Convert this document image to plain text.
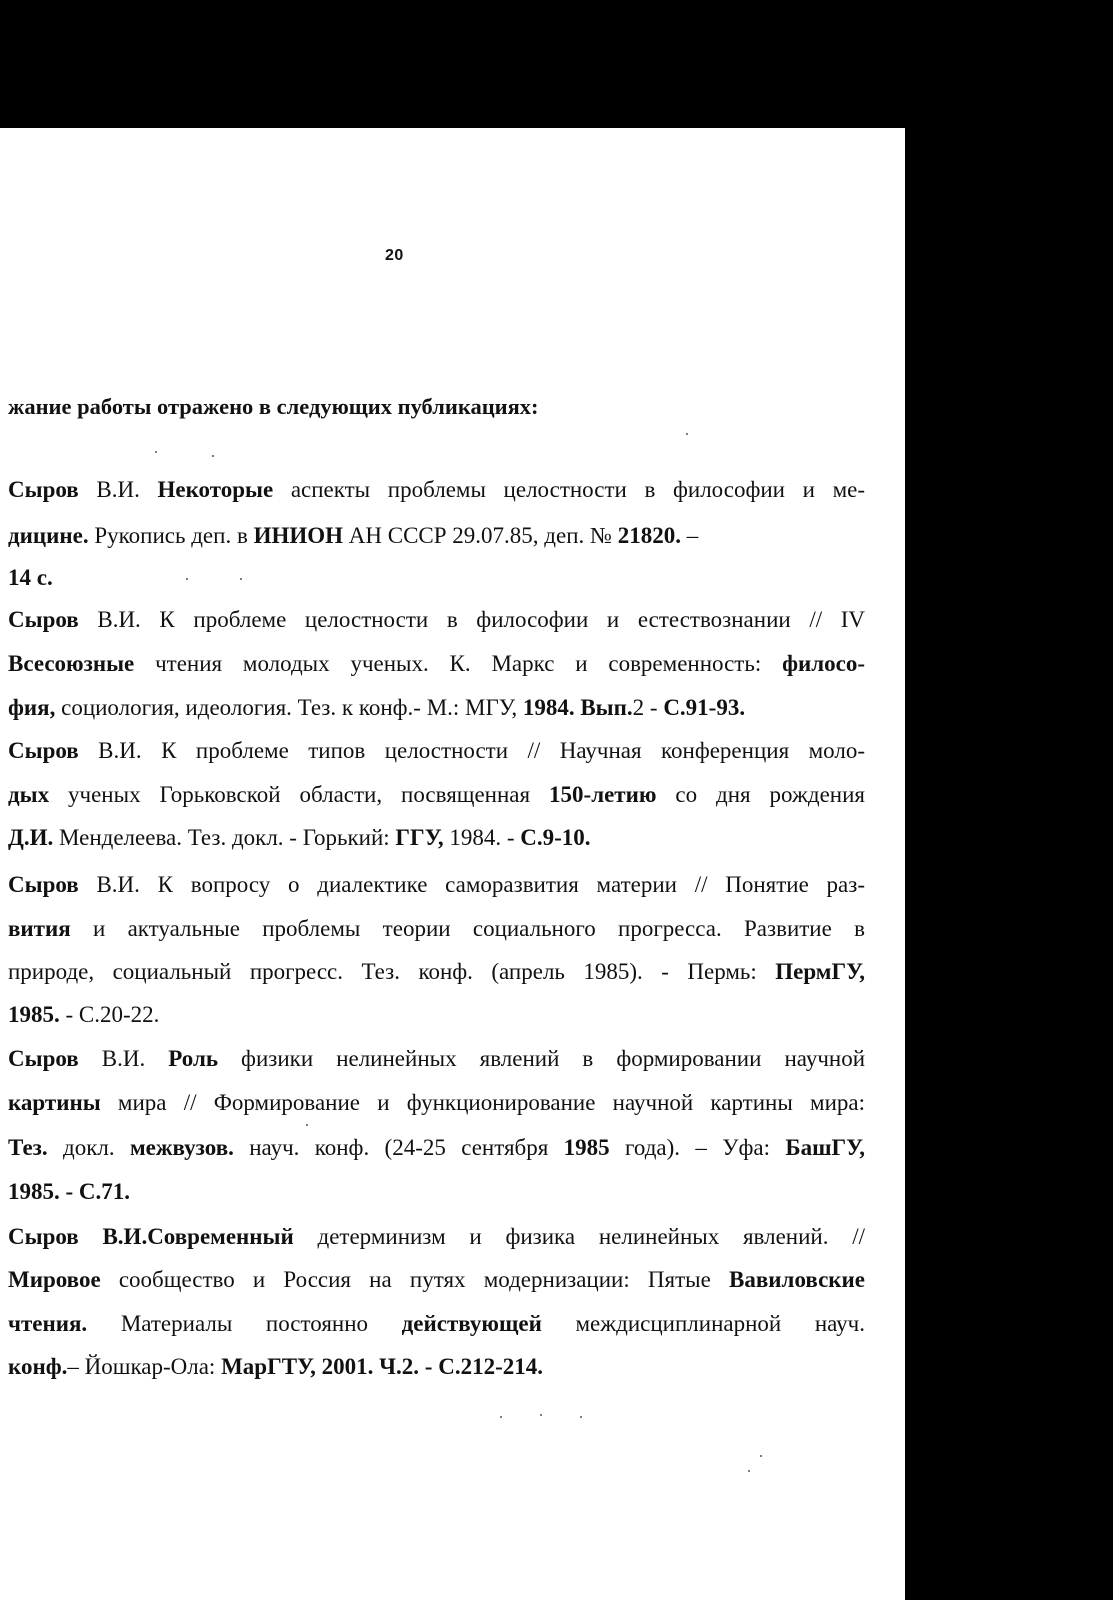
20
жание работы отражено в следующих публикациях:
Сыров В.И. Некоторые аспекты проблемы целостности в философии и ме-
дицине. Рукопись деп. в ИНИОН АН СССР 29.07.85, деп. № 21820. –
14 с.
Сыров В.И. К проблеме целостности в философии и естествознании // IV
Всесоюзные чтения молодых ученых. К. Маркс и современность: филосо-
фия, социология, идеология. Тез. к конф.- М.: МГУ, 1984. Вып.2 - С.91-93.
Сыров В.И. К проблеме типов целостности // Научная конференция моло-
дых ученых Горьковской области, посвященная 150-летию со дня рождения
Д.И. Менделеева. Тез. докл. - Горький: ГГУ, 1984. - С.9-10.
Сыров В.И. К вопросу о диалектике саморазвития материи // Понятие раз-
вития и актуальные проблемы теории социального прогресса. Развитие в
природе, социальный прогресс. Тез. конф. (апрель 1985). - Пермь: ПермГУ,
1985. - С.20-22.
Сыров В.И. Роль физики нелинейных явлений в формировании научной
картины мира // Формирование и функционирование научной картины мира:
Тез. докл. межвузов. науч. конф. (24-25 сентября 1985 года). – Уфа: БашГУ,
1985. - С.71.
Сыров В.И.Современный детерминизм и физика нелинейных явлений. //
Мировое сообщество и Россия на путях модернизации: Пятые Вавиловские
чтения. Материалы постоянно действующей междисциплинарной науч.
конф.– Йошкар-Ола: МарГТУ, 2001. Ч.2. - С.212-214.
